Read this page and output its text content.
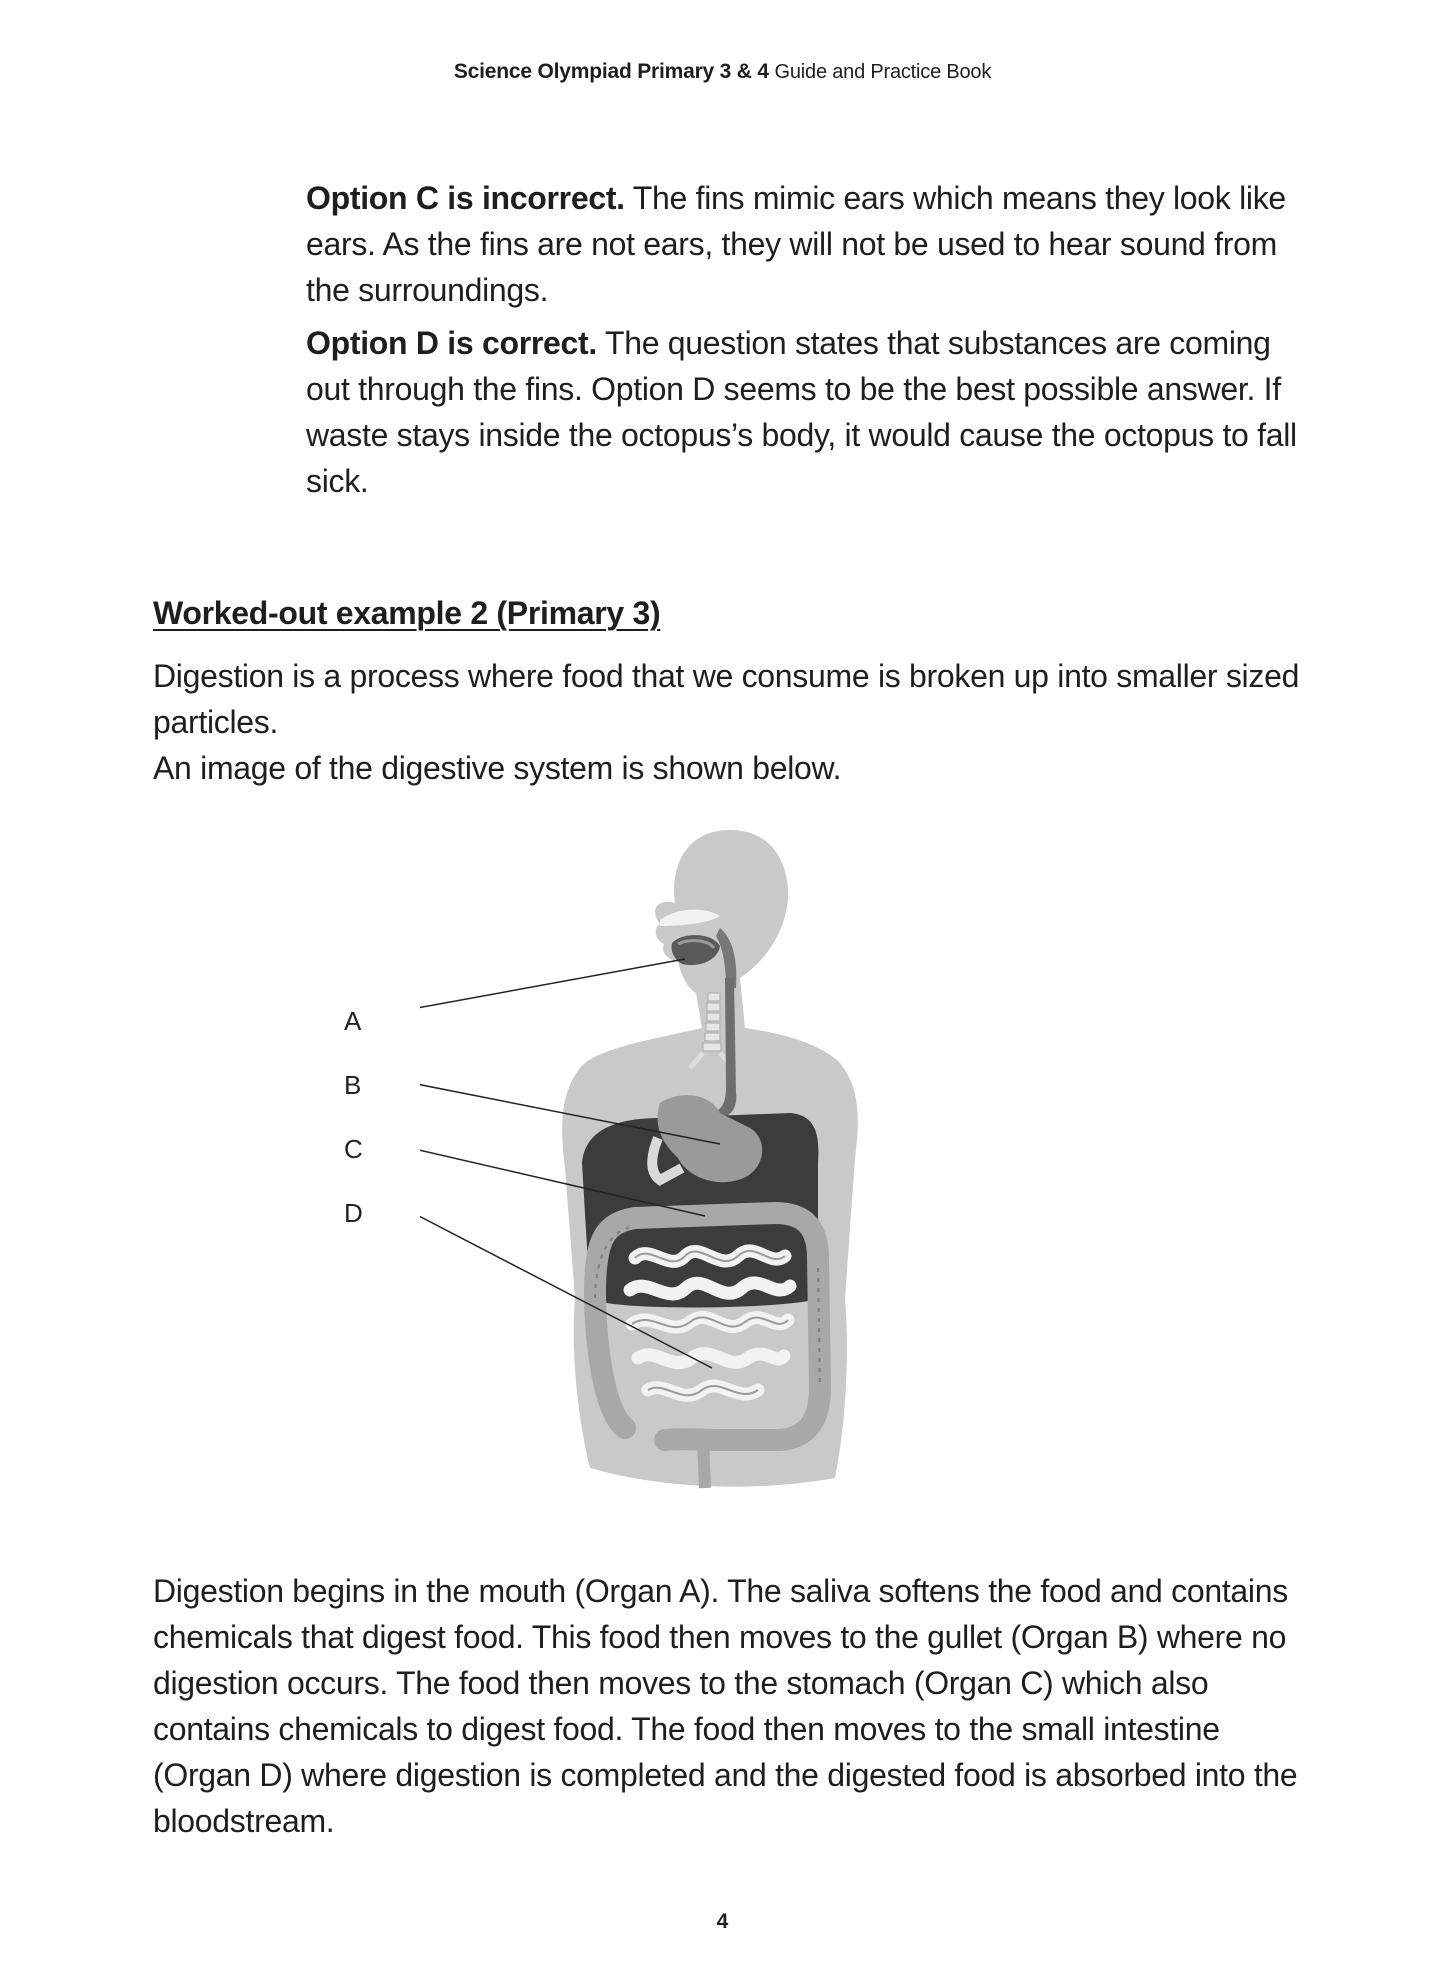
Science Olympiad Primary 3 & 4 Guide and Practice Book
Option C is incorrect. The fins mimic ears which means they look like ears. As the fins are not ears, they will not be used to hear sound from the surroundings.
Option D is correct. The question states that substances are coming out through the fins. Option D seems to be the best possible answer. If waste stays inside the octopus’s body, it would cause the octopus to fall sick.
Worked-out example 2 (Primary 3)
Digestion is a process where food that we consume is broken up into smaller sized particles.
An image of the digestive system is shown below.
A
B
C
D
Digestion begins in the mouth (Organ A). The saliva softens the food and contains chemicals that digest food. This food then moves to the gullet (Organ B) where no digestion occurs. The food then moves to the stomach (Organ C) which also contains chemicals to digest food. The food then moves to the small intestine (Organ D) where digestion is completed and the digested food is absorbed into the bloodstream.
4
